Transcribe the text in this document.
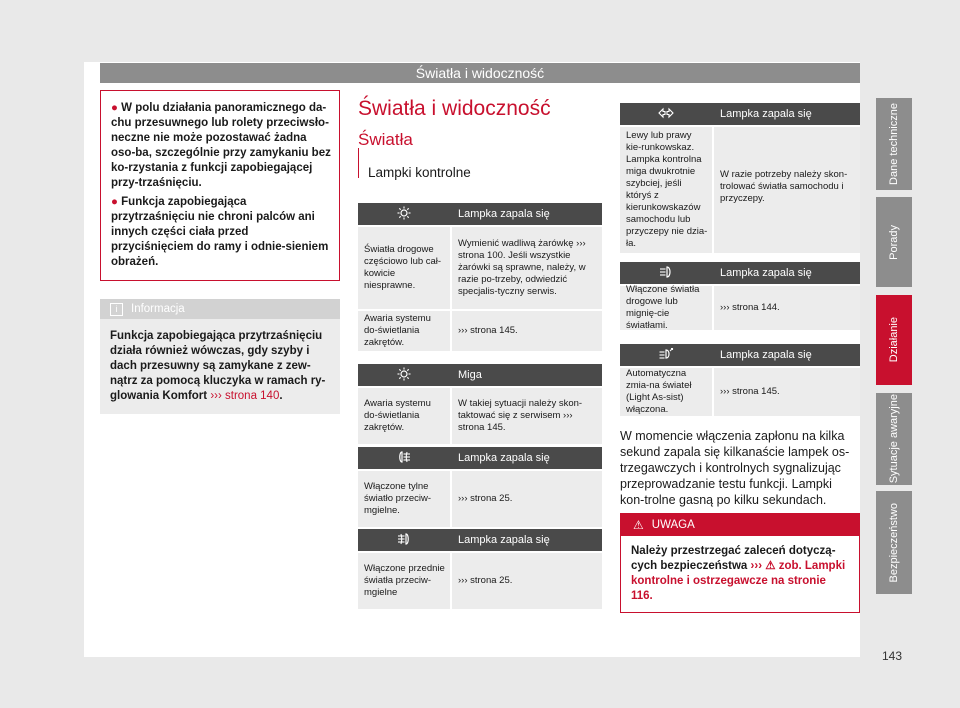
Światła i widoczność
Dane techniczne
Porady
Działanie
Sytuacje awaryjne
Bezpieczeństwo
143

● W polu działania panoramicznego da-chu przesuwnego lub rolety przeciwsło-neczne nie może pozostawać żadna oso-ba, szczególnie przy zamykaniu bez ko-rzystania z funkcji zapobiegającej przy-trzaśnięciu.

● Funkcja zapobiegająca przytrzaśnięciu nie chroni palców ani innych części ciała przed przyciśnięciem do ramy i odnie-sieniem obrażeń.

i	Informacja
Funkcja zapobiegająca przytrzaśnięciu działa również wówczas, gdy szyby i dach przesuwny są zamykane z zew-nątrz za pomocą kluczyka w ramach ry-glowania Komfort ››› strona 140.
Światła i widoczność
Światła
Lampki kontrolne
Lampka zapala się
Światła drogowe częściowo lub cał-kowicie niesprawne.
Wymienić wadliwą żarówkę ››› strona 100. Jeśli wszystkie żarówki są sprawne, należy, w razie po-trzeby, odwiedzić specjalis-tyczny serwis.
Awaria systemu do-świetlania zakrętów.
››› strona 145.
Miga
Awaria systemu do-świetlania zakrętów.
W takiej sytuacji należy skon-taktować się z serwisem ››› strona 145.
Lampka zapala się
Włączone tylne światło przeciw-mgielne.
››› strona 25.
Lampka zapala się
Włączone przednie światła przeciw-mgielne
››› strona 25.
Lampka zapala się
Lewy lub prawy kie-runkowskaz. Lampka kontrolna miga dwukrotnie szybciej, jeśli któryś z kierunkowskazów samochodu lub przyczepy nie dzia-ła.
W razie potrzeby należy skon-trolować światła samochodu i przyczepy.
Lampka zapala się
Włączone światła drogowe lub mignię-cie światłami.
››› strona 144.
Lampka zapala się
Automatyczna zmia-na świateł (Light As-sist) włączona.
››› strona 145.
W momencie włączenia zapłonu na kilka sekund zapala się kilkanaście lampek os-trzegawczych i kontrolnych sygnalizując przeprowadzanie testu funkcji. Lampki kon-trolne gasną po kilku sekundach.
⚠ UWAGA
Należy przestrzegać zaleceń dotyczą-cych bezpieczeństwa ››› ⚠ zob. Lampki kontrolne i ostrzegawcze na stronie 116.
